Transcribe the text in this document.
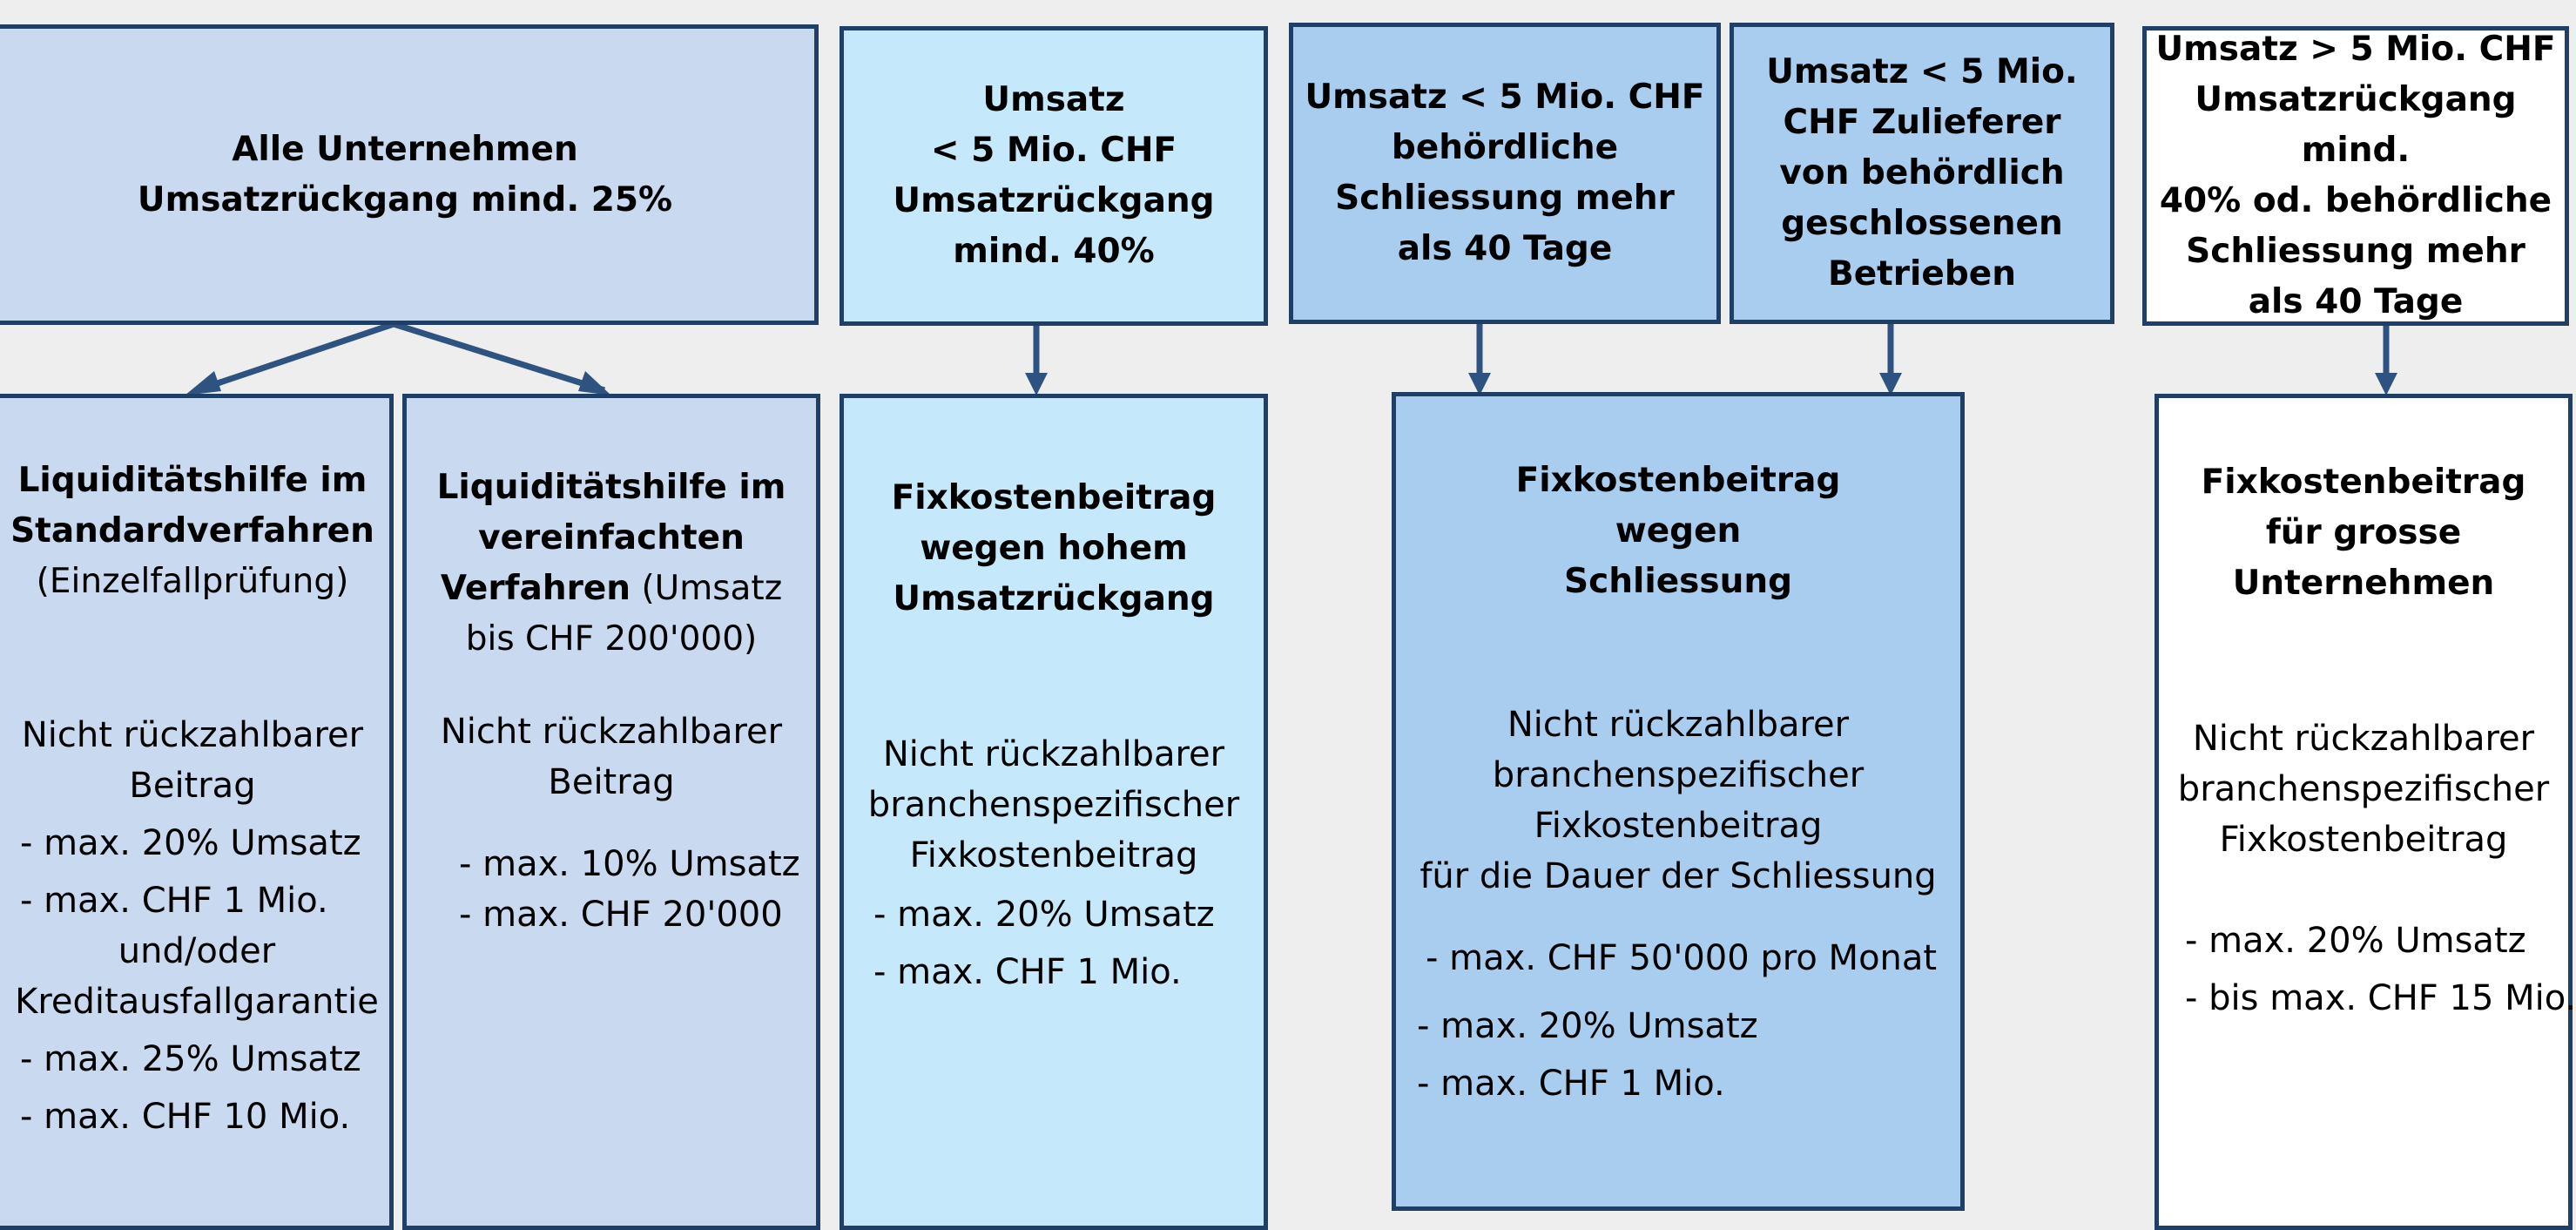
Alle Unternehmen
Umsatzrückgang mind. 25%
Umsatz
< 5 Mio. CHF
Umsatzrückgang
mind. 40%
Umsatz < 5 Mio. CHF
behördliche
Schliessung mehr
als 40 Tage
Umsatz < 5 Mio.
CHF Zulieferer
von behördlich
geschlossenen
Betrieben
Umsatz > 5 Mio. CHF
Umsatzrückgang mind.
40% od. behördliche
Schliessung mehr
als 40 Tage
Liquiditätshilfe im
Standardverfahren
(Einzelfallprüfung)
Nicht rückzahlbarer
Beitrag
- max. 20% Umsatz
- max. CHF 1 Mio.
und/oder
Kreditausfallgarantie
- max. 25% Umsatz
- max. CHF 10 Mio.
Liquiditätshilfe im
vereinfachten
Verfahren (Umsatz
bis CHF 200'000)
Nicht rückzahlbarer
Beitrag
- max. 10% Umsatz
- max. CHF 20'000
Fixkostenbeitrag
wegen hohem
Umsatzrückgang
Nicht rückzahlbarer
branchenspezifischer
Fixkostenbeitrag
- max. 20% Umsatz
- max. CHF 1 Mio.
Fixkostenbeitrag
wegen
Schliessung
Nicht rückzahlbarer
branchenspezifischer
Fixkostenbeitrag
für die Dauer der Schliessung
- max. CHF 50'000 pro Monat
- max. 20% Umsatz
- max. CHF 1 Mio.
Fixkostenbeitrag
für grosse
Unternehmen
Nicht rückzahlbarer
branchenspezifischer
Fixkostenbeitrag
- max. 20% Umsatz
- bis max. CHF 15 Mio.
